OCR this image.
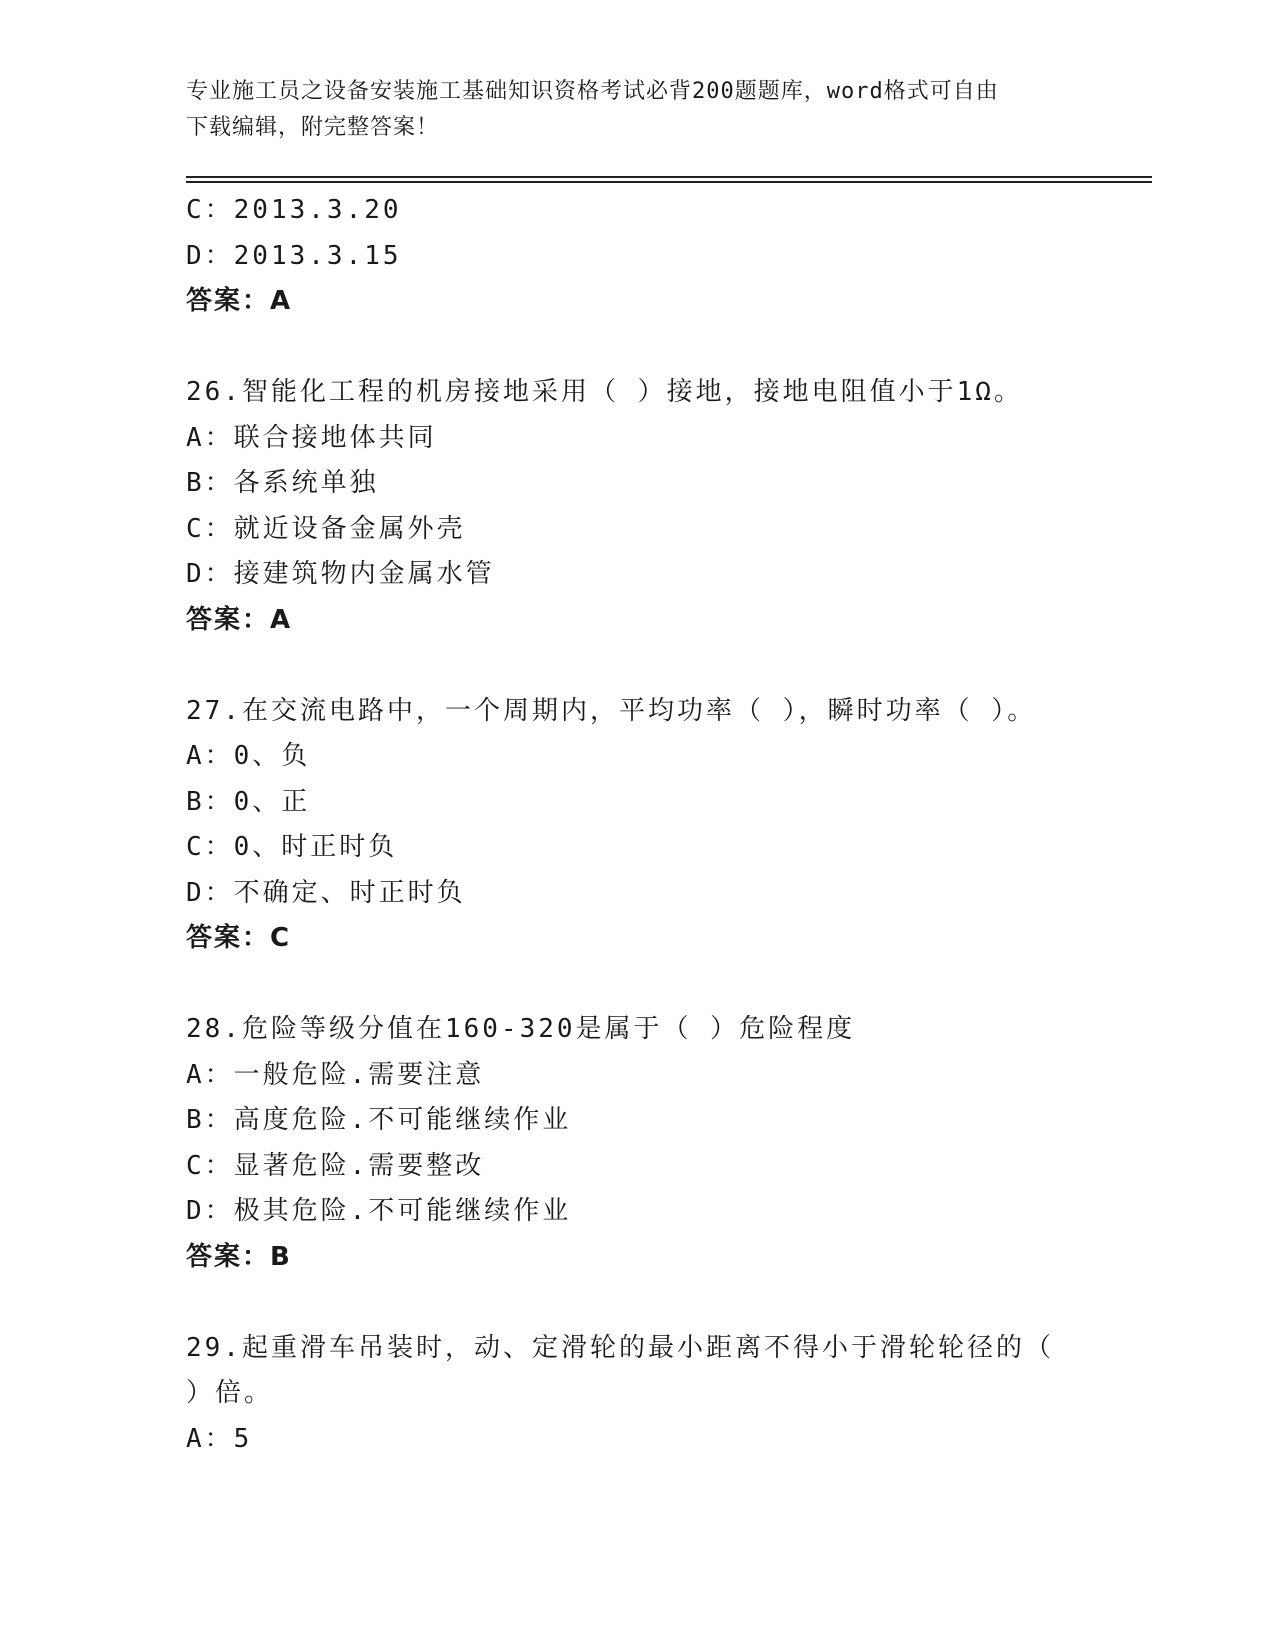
专业施工员之设备安装施工基础知识资格考试必背200题题库，word格式可自由
下载编辑，附完整答案！
C：2013.3.20
D：2013.3.15
答案：A
26.智能化工程的机房接地采用（ ）接地，接地电阻值小于1Ω。
A：联合接地体共同
B：各系统单独
C：就近设备金属外壳
D：接建筑物内金属水管
答案：A
27.在交流电路中，一个周期内，平均功率（ ），瞬时功率（ ）。
A：0、负
B：0、正
C：0、时正时负
D：不确定、时正时负
答案：C
28.危险等级分值在160-320是属于（ ）危险程度
A：一般危险.需要注意
B：高度危险.不可能继续作业
C：显著危险.需要整改
D：极其危险.不可能继续作业
答案：B
29.起重滑车吊装时，动、定滑轮的最小距离不得小于滑轮轮径的（
）倍。
A：5
